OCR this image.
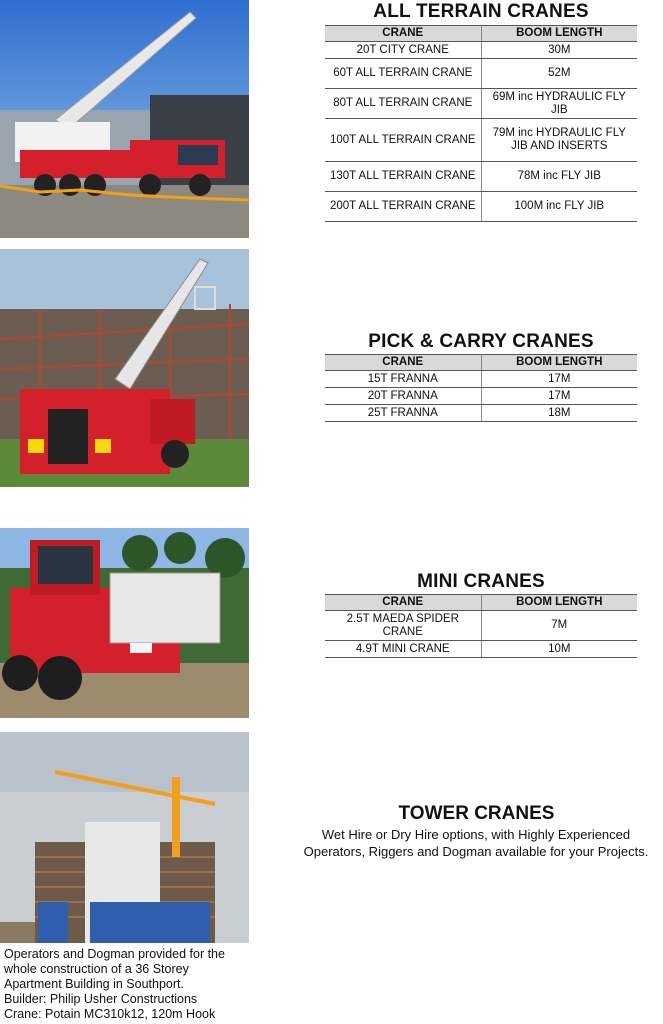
ALL TERRAIN CRANES
CRANE	BOOM LENGTH
20T CITY CRANE	30M
60T ALL TERRAIN CRANE	52M
80T ALL TERRAIN CRANE	69M inc HYDRAULIC FLY JIB
100T ALL TERRAIN CRANE	79M inc HYDRAULIC FLY JIB AND INSERTS
130T ALL TERRAIN CRANE	78M inc FLY JIB
200T ALL TERRAIN CRANE	100M inc FLY JIB
PICK & CARRY CRANES
CRANE	BOOM LENGTH
15T FRANNA	17M
20T FRANNA	17M
25T FRANNA	18M
MINI CRANES
CRANE	BOOM LENGTH
2.5T MAEDA SPIDER CRANE	7M
4.9T MINI CRANE	10M
TOWER CRANES
Wet Hire or Dry Hire options, with Highly Experienced
Operators, Riggers and Dogman available for your Projects.
Operators and Dogman provided for the
whole construction of a 36 Storey
Apartment Building in Southport.
Builder: Philip Usher Constructions
Crane: Potain MC310k12, 120m Hook
